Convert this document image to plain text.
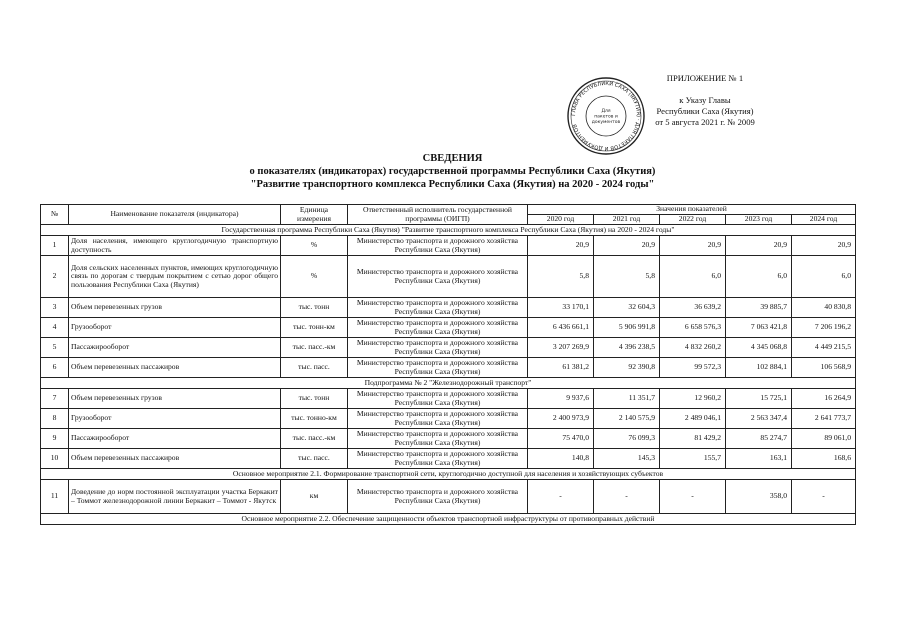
ПРИЛОЖЕНИЕ № 1
к Указу Главы
Республики Саха (Якутия)
от 5 августа 2021 г. № 2009
ГЛАВА РЕСПУБЛИКИ САХА (ЯКУТИЯ) · ДЛЯ ПАКЕТОВ И ДОКУМЕНТОВ
Для
пакетов и
документов
СВЕДЕНИЯ
о показателях (индикаторах) государственной программы Республики Саха (Якутия)
"Развитие транспортного комплекса Республики Саха (Якутия) на 2020 - 2024 годы"
№	Наименование показателя (индикатора)	Единица измерения	Ответственный исполнитель государственной программы (ОИГП)	Значения показателей				
				2020 год	2021 год	2022 год	2023 год	2024 год
Государственная программа Республики Саха (Якутия) "Развитие транспортного комплекса Республики Саха (Якутия) на 2020 - 2024 годы"								
1	Доля населения, имеющего круглогодичную транспортную доступность	%	Министерство транспорта и дорожного хозяйства Республики Саха (Якутия)	20,9	20,9	20,9	20,9	20,9
2	Доля сельских населенных пунктов, имеющих круглогодичную связь по дорогам с твердым покрытием с сетью дорог общего пользования Республики Саха (Якутия)	%	Министерство транспорта и дорожного хозяйства Республики Саха (Якутия)	5,8	5,8	6,0	6,0	6,0
3	Объем перевезенных грузов	тыс. тонн	Министерство транспорта и дорожного хозяйства Республики Саха (Якутия)	33 170,1	32 604,3	36 639,2	39 885,7	40 830,8
4	Грузооборот	тыс. тонн-км	Министерство транспорта и дорожного хозяйства Республики Саха (Якутия)	6 436 661,1	5 906 991,8	6 658 576,3	7 063 421,8	7 206 196,2
5	Пассажирооборот	тыс. пасс.-км	Министерство транспорта и дорожного хозяйства Республики Саха (Якутия)	3 207 269,9	4 396 238,5	4 832 260,2	4 345 068,8	4 449 215,5
6	Объем перевезенных пассажиров	тыс. пасс.	Министерство транспорта и дорожного хозяйства Республики Саха (Якутия)	61 381,2	92 390,8	99 572,3	102 884,1	106 568,9
Подпрограмма № 2 "Железнодорожный транспорт"								
7	Объем перевезенных грузов	тыс. тонн	Министерство транспорта и дорожного хозяйства Республики Саха (Якутия)	9 937,6	11 351,7	12 960,2	15 725,1	16 264,9
8	Грузооборот	тыс. тонно-км	Министерство транспорта и дорожного хозяйства Республики Саха (Якутия)	2 400 973,9	2 140 575,9	2 489 046,1	2 563 347,4	2 641 773,7
9	Пассажирооборот	тыс. пасс.-км	Министерство транспорта и дорожного хозяйства Республики Саха (Якутия)	75 470,0	76 099,3	81 429,2	85 274,7	89 061,0
10	Объем перевезенных пассажиров	тыс. пасс.	Министерство транспорта и дорожного хозяйства Республики Саха (Якутия)	140,8	145,3	155,7	163,1	168,6
Основное мероприятие 2.1. Формирование транспортной сети, круглогодично доступной для населения и хозяйствующих субъектов								
11	Доведение до норм постоянной эксплуатации участка Беркакит – Томмот железнодорожной линии Беркакит – Томмот - Якутск	км	Министерство транспорта и дорожного хозяйства Республики Саха (Якутия)	-	-	-	358,0	-
Основное мероприятие 2.2. Обеспечение защищенности объектов транспортной инфраструктуры от противоправных действий								
